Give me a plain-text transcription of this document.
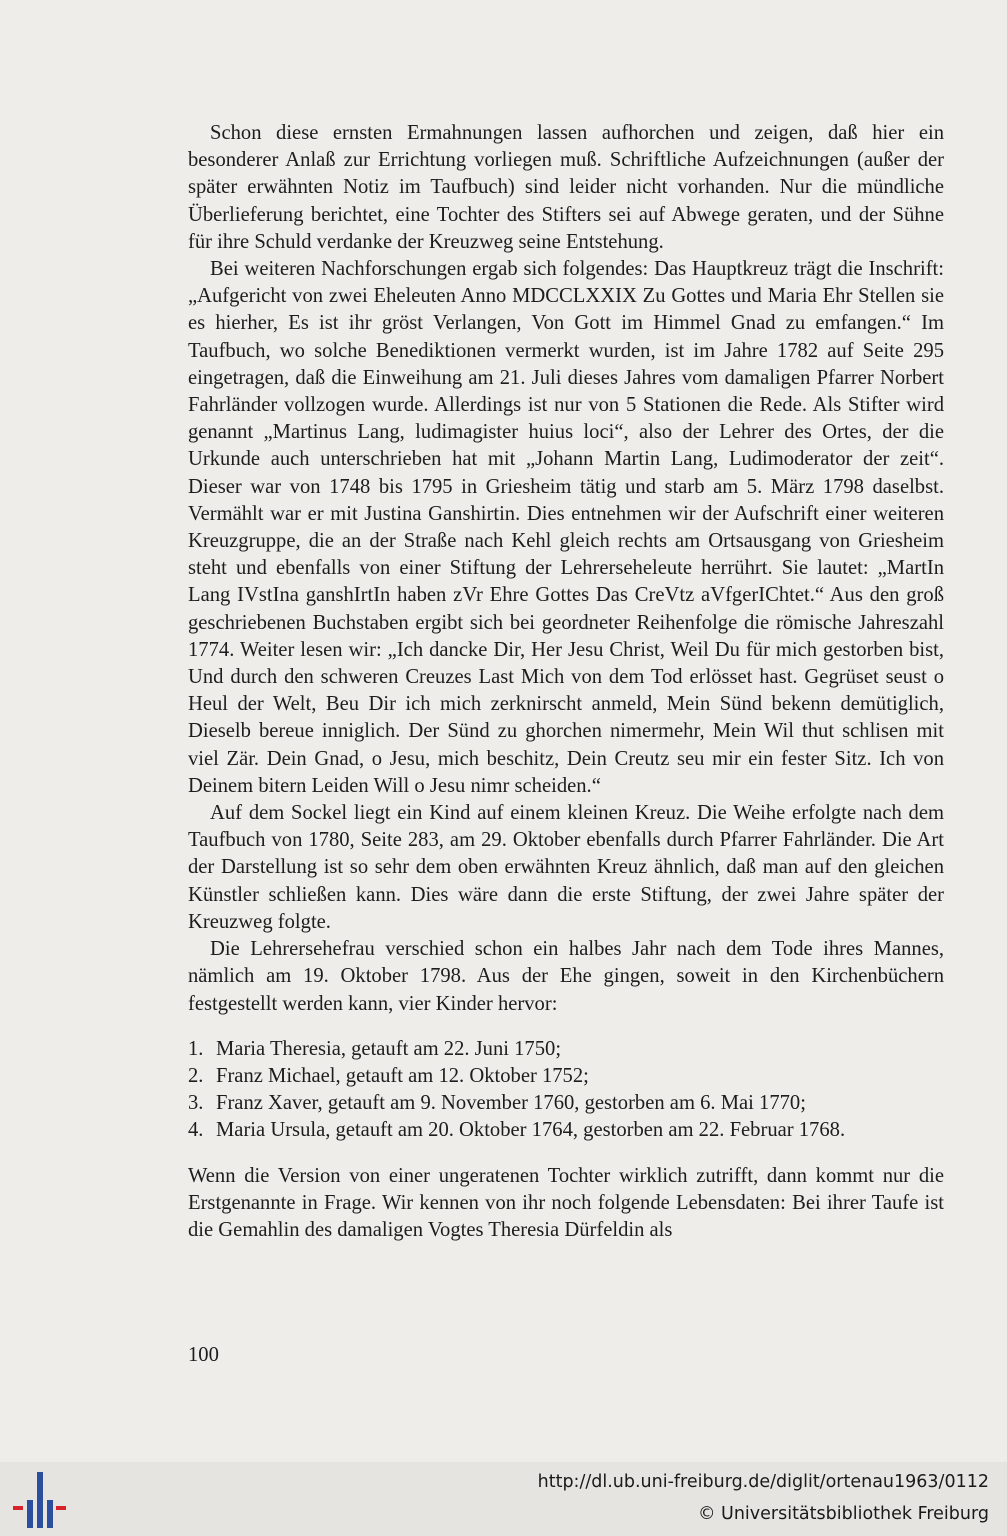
Schon diese ernsten Ermahnungen lassen aufhorchen und zeigen, daß hier ein besonderer Anlaß zur Errichtung vorliegen muß. Schriftliche Aufzeichnungen (außer der später erwähnten Notiz im Taufbuch) sind leider nicht vorhanden. Nur die mündliche Überlieferung berichtet, eine Tochter des Stifters sei auf Abwege geraten, und der Sühne für ihre Schuld verdanke der Kreuzweg seine Entstehung.

Bei weiteren Nachforschungen ergab sich folgendes: Das Hauptkreuz trägt die Inschrift: „Aufgericht von zwei Eheleuten Anno MDCCLXXIX Zu Gottes und Maria Ehr Stellen sie es hierher, Es ist ihr gröst Verlangen, Von Gott im Himmel Gnad zu emfangen.“ Im Taufbuch, wo solche Benediktionen vermerkt wurden, ist im Jahre 1782 auf Seite 295 eingetragen, daß die Einweihung am 21. Juli dieses Jahres vom damaligen Pfarrer Norbert Fahrländer vollzogen wurde. Allerdings ist nur von 5 Stationen die Rede. Als Stifter wird genannt „Martinus Lang, ludimagister huius loci“, also der Lehrer des Ortes, der die Urkunde auch unterschrieben hat mit „Johann Martin Lang, Ludimoderator der zeit“. Dieser war von 1748 bis 1795 in Griesheim tätig und starb am 5. März 1798 daselbst. Vermählt war er mit Justina Ganshirtin. Dies entnehmen wir der Aufschrift einer weiteren Kreuzgruppe, die an der Straße nach Kehl gleich rechts am Ortsausgang von Griesheim steht und ebenfalls von einer Stiftung der Lehrerseheleute herrührt. Sie lautet: „MartIn Lang IVstIna ganshIrtIn haben zVr Ehre Gottes Das CreVtz aVfgerIChtet.“ Aus den groß geschriebenen Buchstaben ergibt sich bei geordneter Reihenfolge die römische Jahreszahl 1774. Weiter lesen wir: „Ich dancke Dir, Her Jesu Christ, Weil Du für mich gestorben bist, Und durch den schweren Creuzes Last Mich von dem Tod erlösset hast. Gegrüset seust o Heul der Welt, Beu Dir ich mich zerknirscht anmeld, Mein Sünd bekenn demütiglich, Dieselb bereue inniglich. Der Sünd zu ghorchen nimermehr, Mein Wil thut schlisen mit viel Zär. Dein Gnad, o Jesu, mich beschitz, Dein Creutz seu mir ein fester Sitz. Ich von Deinem bitern Leiden Will o Jesu nimr scheiden.“

Auf dem Sockel liegt ein Kind auf einem kleinen Kreuz. Die Weihe erfolgte nach dem Taufbuch von 1780, Seite 283, am 29. Oktober ebenfalls durch Pfarrer Fahrländer. Die Art der Darstellung ist so sehr dem oben erwähnten Kreuz ähnlich, daß man auf den gleichen Künstler schließen kann. Dies wäre dann die erste Stiftung, der zwei Jahre später der Kreuzweg folgte.

Die Lehrersehefrau verschied schon ein halbes Jahr nach dem Tode ihres Mannes, nämlich am 19. Oktober 1798. Aus der Ehe gingen, soweit in den Kirchenbüchern festgestellt werden kann, vier Kinder hervor:

1. Maria Theresia, getauft am 22. Juni 1750;
2. Franz Michael, getauft am 12. Oktober 1752;
3. Franz Xaver, getauft am 9. November 1760, gestorben am 6. Mai 1770;
4. Maria Ursula, getauft am 20. Oktober 1764, gestorben am 22. Februar 1768.

Wenn die Version von einer ungeratenen Tochter wirklich zutrifft, dann kommt nur die Erstgenannte in Frage. Wir kennen von ihr noch folgende Lebensdaten: Bei ihrer Taufe ist die Gemahlin des damaligen Vogtes Theresia Dürfeldin als

100
http://dl.ub.uni-freiburg.de/diglit/ortenau1963/0112
© Universitätsbibliothek Freiburg
